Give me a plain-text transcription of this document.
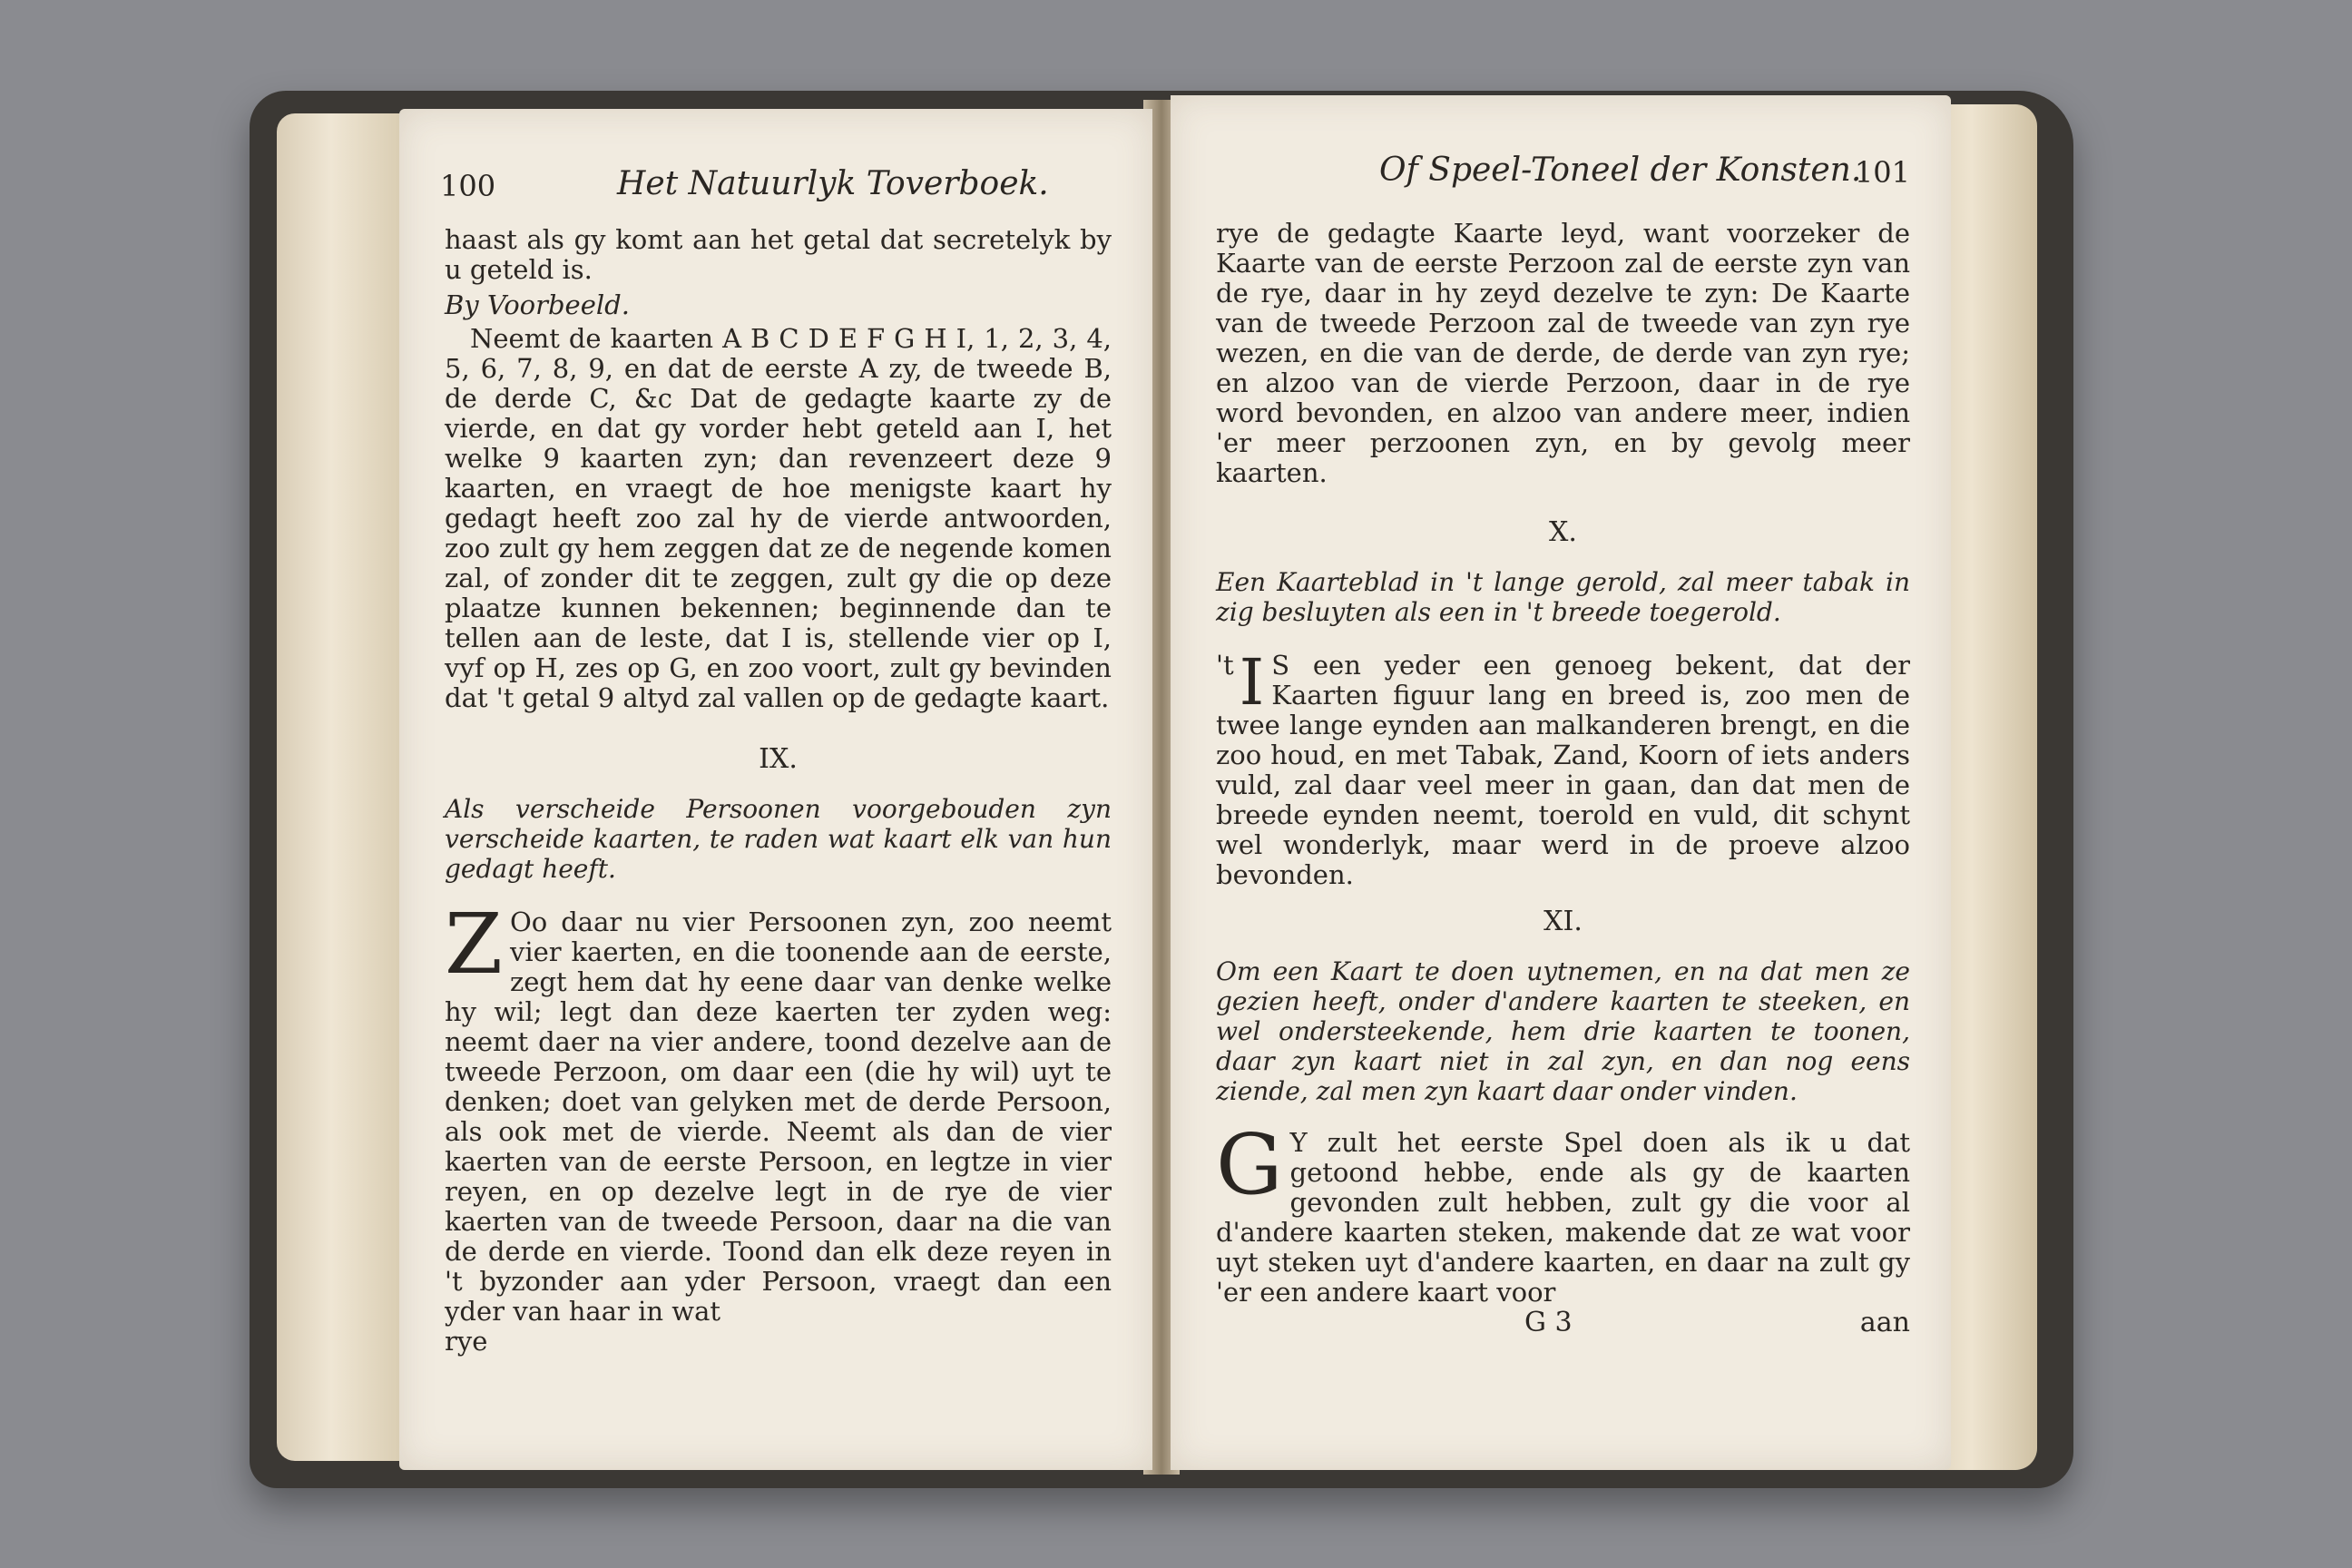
100	Het Natuurlyk Toverboek.

haast als gy komt aan het getal dat secretelyk by u geteld is.

By Voorbeeld.

Neemt de kaarten A B C D E F G H I, 1, 2, 3, 4, 5, 6, 7, 8, 9, en dat de eerste A zy, de tweede B, de derde C, &c Dat de gedagte kaarte zy de vierde, en dat gy vorder hebt geteld aan I, het welke 9 kaarten zyn; dan revenzeert deze 9 kaarten, en vraegt de hoe menigste kaart hy gedagt heeft zoo zal hy de vierde antwoorden, zoo zult gy hem zeggen dat ze de negende komen zal, of zonder dit te zeggen, zult gy die op deze plaatze kunnen bekennen; beginnende dan te tellen aan de leste, dat I is, stellende vier op I, vyf op H, zes op G, en zoo voort, zult gy bevinden dat 't getal 9 altyd zal vallen op de gedagte kaart.

IX.

Als verscheide Persoonen voorgebouden zyn verscheide kaarten, te raden wat kaart elk van hun gedagt heeft.

Z Oo daar nu vier Persoonen zyn, zoo neemt vier kaerten, en die toonende aan de eerste, zegt hem dat hy eene daar van denke welke hy wil; legt dan deze kaerten ter zyden weg: neemt daer na vier andere, toond dezelve aan de tweede Perzoon, om daar een (die hy wil) uyt te denken; doet van gelyken met de derde Persoon, als ook met de vierde. Neemt als dan de vier kaerten van de eerste Persoon, en legtze in vier reyen, en op dezelve legt in de rye de vier kaerten van de tweede Persoon, daar na die van de derde en vierde. Toond dan elk deze reyen in 't byzonder aan yder Persoon, vraegt dan een yder van haar in wat

rye

Of Speel-Toneel der Konsten.
101

rye de gedagte Kaarte leyd, want voorzeker de Kaarte van de eerste Perzoon zal de eerste zyn van de rye, daar in hy zeyd dezelve te zyn: De Kaarte van de tweede Perzoon zal de tweede van zyn rye wezen, en die van de derde, de derde van zyn rye; en alzoo van de vierde Perzoon, daar in de rye word bevonden, en alzoo van andere meer, indien 'er meer perzoonen zyn, en by gevolg meer kaarten.

X.

Een Kaarteblad in 't lange gerold, zal meer tabak in zig besluyten als een in 't breede toegerold.

't I S een yeder een genoeg bekent, dat der Kaarten figuur lang en breed is, zoo men de twee lange eynden aan malkanderen brengt, en die zoo houd, en met Tabak, Zand, Koorn of iets anders vuld, zal daar veel meer in gaan, dan dat men de breede eynden neemt, toerold en vuld, dit schynt wel wonderlyk, maar werd in de proeve alzoo bevonden.

XI.

Om een Kaart te doen uytnemen, en na dat men ze gezien heeft, onder d'andere kaarten te steeken, en wel ondersteekende, hem drie kaarten te toonen, daar zyn kaart niet in zal zyn, en dan nog eens ziende, zal men zyn kaart daar onder vinden.

G Y zult het eerste Spel doen als ik u dat getoond hebbe, ende als gy de kaarten gevonden zult hebben, zult gy die voor al d'andere kaarten steken, makende dat ze wat voor uyt steken uyt d'andere kaarten, en daar na zult gy 'er een andere kaart voor

G 3	aan
